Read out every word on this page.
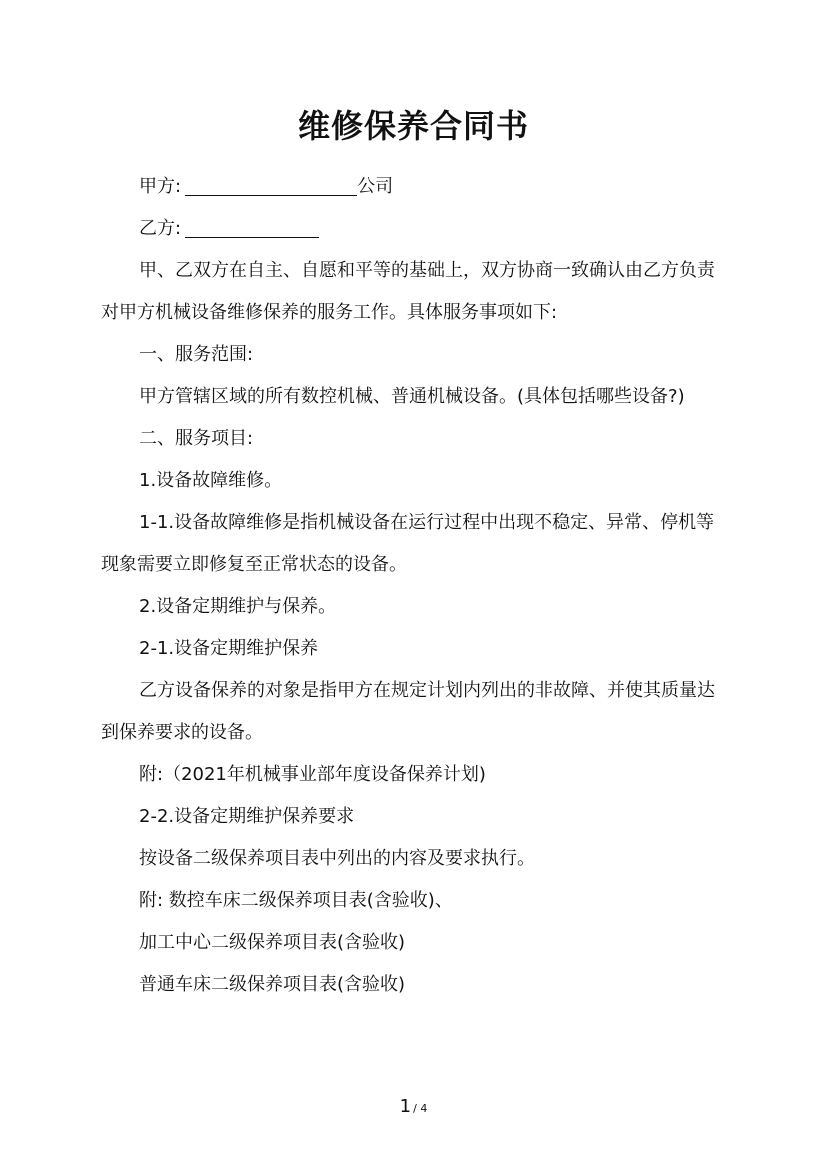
维修保养合同书

甲方:	公司

乙方:

甲、乙双方在自主、自愿和平等的基础上，双方协商一致确认由乙方负责对甲方机械设备维修保养的服务工作。具体服务事项如下:

一、服务范围:

甲方管辖区域的所有数控机械、普通机械设备。(具体包括哪些设备?)

二、服务项目:

1.设备故障维修。

1-1.设备故障维修是指机械设备在运行过程中出现不稳定、异常、停机等现象需要立即修复至正常状态的设备。

2.设备定期维护与保养。

2-1.设备定期维护保养

乙方设备保养的对象是指甲方在规定计划内列出的非故障、并使其质量达到保养要求的设备。

附:（2021年机械事业部年度设备保养计划)

2-2.设备定期维护保养要求

按设备二级保养项目表中列出的内容及要求执行。

附: 数控车床二级保养项目表(含验收)、

加工中心二级保养项目表(含验收)

普通车床二级保养项目表(含验收)

1 / 4
